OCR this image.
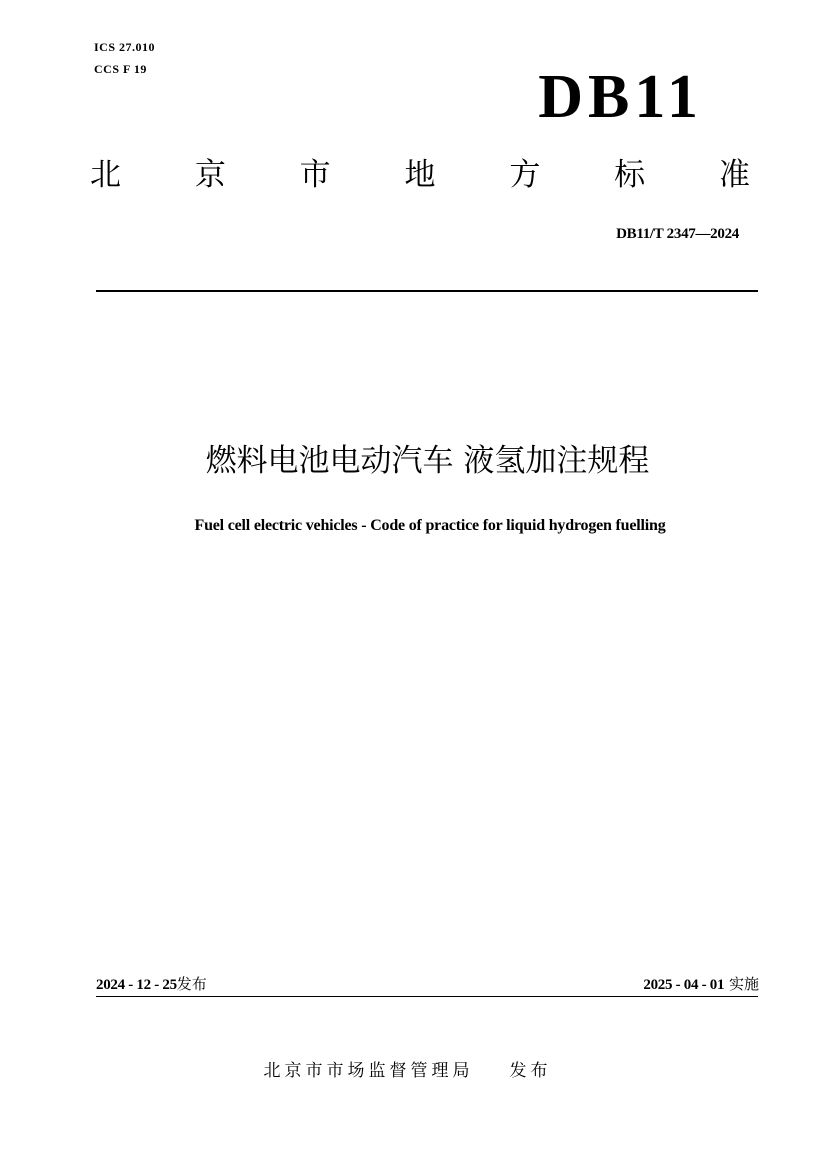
ICS 27.010
CCS F 19	DB11
北 京 市 地 方 标 准
DB11/T 2347—2024
燃料电池电动汽车 液氢加注规程
Fuel cell electric vehicles - Code of practice for liquid hydrogen fuelling
2024 - 12 - 25发布	2025 - 04 - 01 实施
北京市市场监督管理局 发布
